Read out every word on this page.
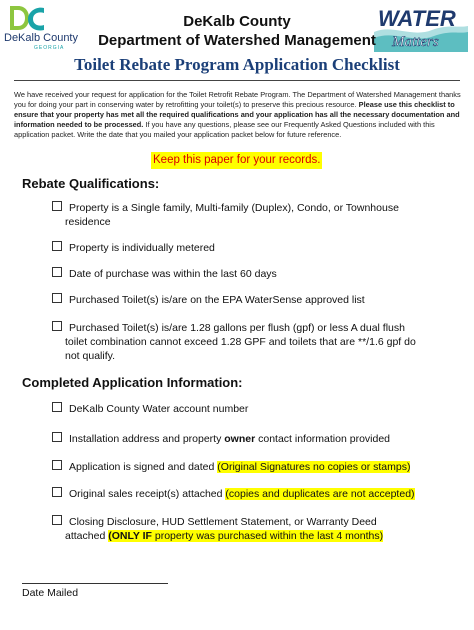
DeKalb County
GEORGIA
WATER
Matters
DeKalb County
Department of Watershed Management
Toilet Rebate Program Application Checklist
We have received your request for application for the Toilet Retrofit Rebate Program. The Department of Watershed Management thanks you for doing your part in conserving water by retrofitting your toilet(s) to preserve this precious resource. Please use this checklist to ensure that your property has met all the required qualifications and your application has all the necessary documentation and information needed to be processed. If you have any questions, please see our Frequently Asked Questions included with this application packet. Write the date that you mailed your application packet below for future reference.
Keep this paper for your records.
Rebate Qualifications:
Property is a Single family, Multi-family (Duplex), Condo, or Townhouse
residence
Property is individually metered
Date of purchase was within the last 60 days
Purchased Toilet(s) is/are on the EPA WaterSense approved list
Purchased Toilet(s) is/are 1.28 gallons per flush (gpf) or less A dual flush
toilet combination cannot exceed 1.28 GPF and toilets that are **/1.6 gpf do
not qualify.
Completed Application Information:
DeKalb County Water account number
Installation address and property owner contact information provided
Application is signed and dated (Original Signatures no copies or stamps)
Original sales receipt(s) attached (copies and duplicates are not accepted)
Closing Disclosure, HUD Settlement Statement, or Warranty Deed
attached (ONLY IF property was purchased within the last 4 months)
Date Mailed
